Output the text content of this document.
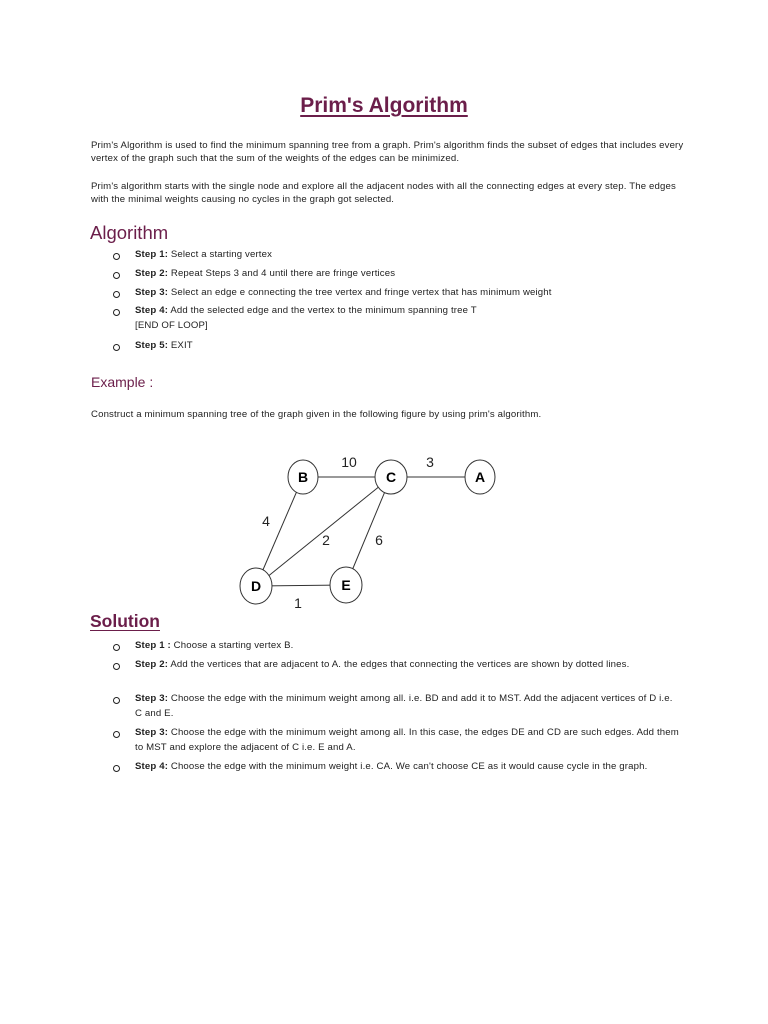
Prim's Algorithm

Prim's Algorithm is used to find the minimum spanning tree from a graph. Prim's algorithm finds the subset of edges that includes every vertex of the graph such that the sum of the weights of the edges can be minimized.

Prim's algorithm starts with the single node and explore all the adjacent nodes with all the connecting edges at every step. The edges with the minimal weights causing no cycles in the graph got selected.

Algorithm
Step 1: Select a starting vertex
Step 2: Repeat Steps 3 and 4 until there are fringe vertices
Step 3: Select an edge e connecting the tree vertex and fringe vertex that has minimum weight
Step 4: Add the selected edge and the vertex to the minimum spanning tree T
[END OF LOOP]
Step 5: EXIT
Example :

Construct a minimum spanning tree of the graph given in the following figure by using prim's algorithm.

B	C	A
D	E
10	3
4
2	6
1
Solution
Step 1 : Choose a starting vertex B.
Step 2: Add the vertices that are adjacent to A. the edges that connecting the vertices are shown by dotted lines.
Step 3: Choose the edge with the minimum weight among all. i.e. BD and add it to MST. Add the adjacent vertices of D i.e. C and E.
Step 3: Choose the edge with the minimum weight among all. In this case, the edges DE and CD are such edges. Add them to MST and explore the adjacent of C i.e. E and A.
Step 4: Choose the edge with the minimum weight i.e. CA. We can't choose CE as it would cause cycle in the graph.
